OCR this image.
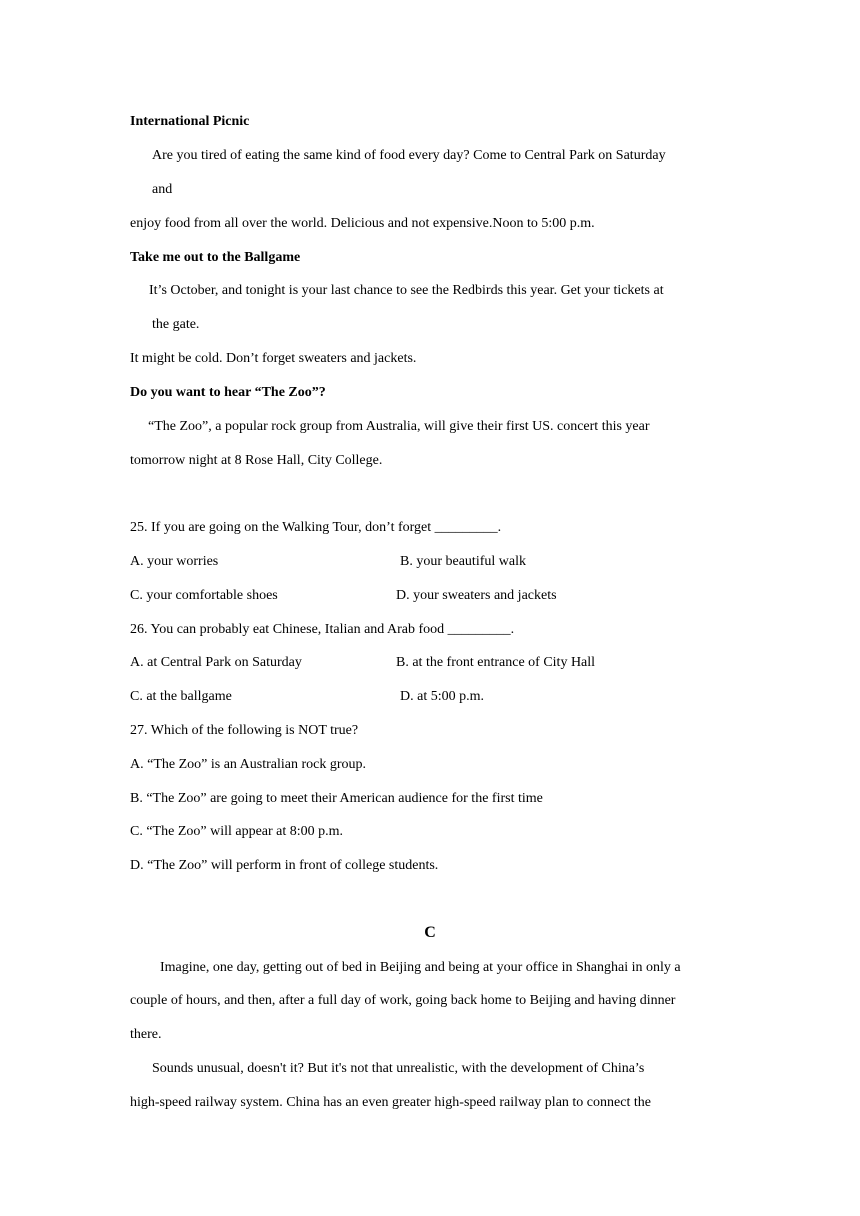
International Picnic
Are you tired of eating the same kind of food every day? Come to Central Park on Saturday
and
enjoy food from all over the world. Delicious and not expensive.Noon to 5:00 p.m.
Take me out to the Ballgame
It’s October, and tonight is your last chance to see the Redbirds this year. Get your tickets at
the gate.
It might be cold. Don’t forget sweaters and jackets.
Do you want to hear “The Zoo”?
“The Zoo”, a popular rock group from Australia, will give their first US. concert this year
tomorrow night at 8 Rose Hall, City College.
25. If you are going on the Walking Tour, don’t forget _________.
A. your worries	B. your beautiful walk
C. your comfortable shoes	D. your sweaters and jackets
26. You can probably eat Chinese, Italian and Arab food _________.
A. at Central Park on Saturday	B. at the front entrance of City Hall
C. at the ballgame	D. at 5:00 p.m.
27. Which of the following is NOT true?
A. “The Zoo” is an Australian rock group.
B. “The Zoo” are going to meet their American audience for the first time
C. “The Zoo” will appear at 8:00 p.m.
D. “The Zoo” will perform in front of college students.
C
Imagine, one day, getting out of bed in Beijing and being at your office in Shanghai in only a
couple of hours, and then, after a full day of work, going back home to Beijing and having dinner
there.
Sounds unusual, doesn't it? But it's not that unrealistic, with the development of China’s
high-speed railway system. China has an even greater high-speed railway plan to connect the
